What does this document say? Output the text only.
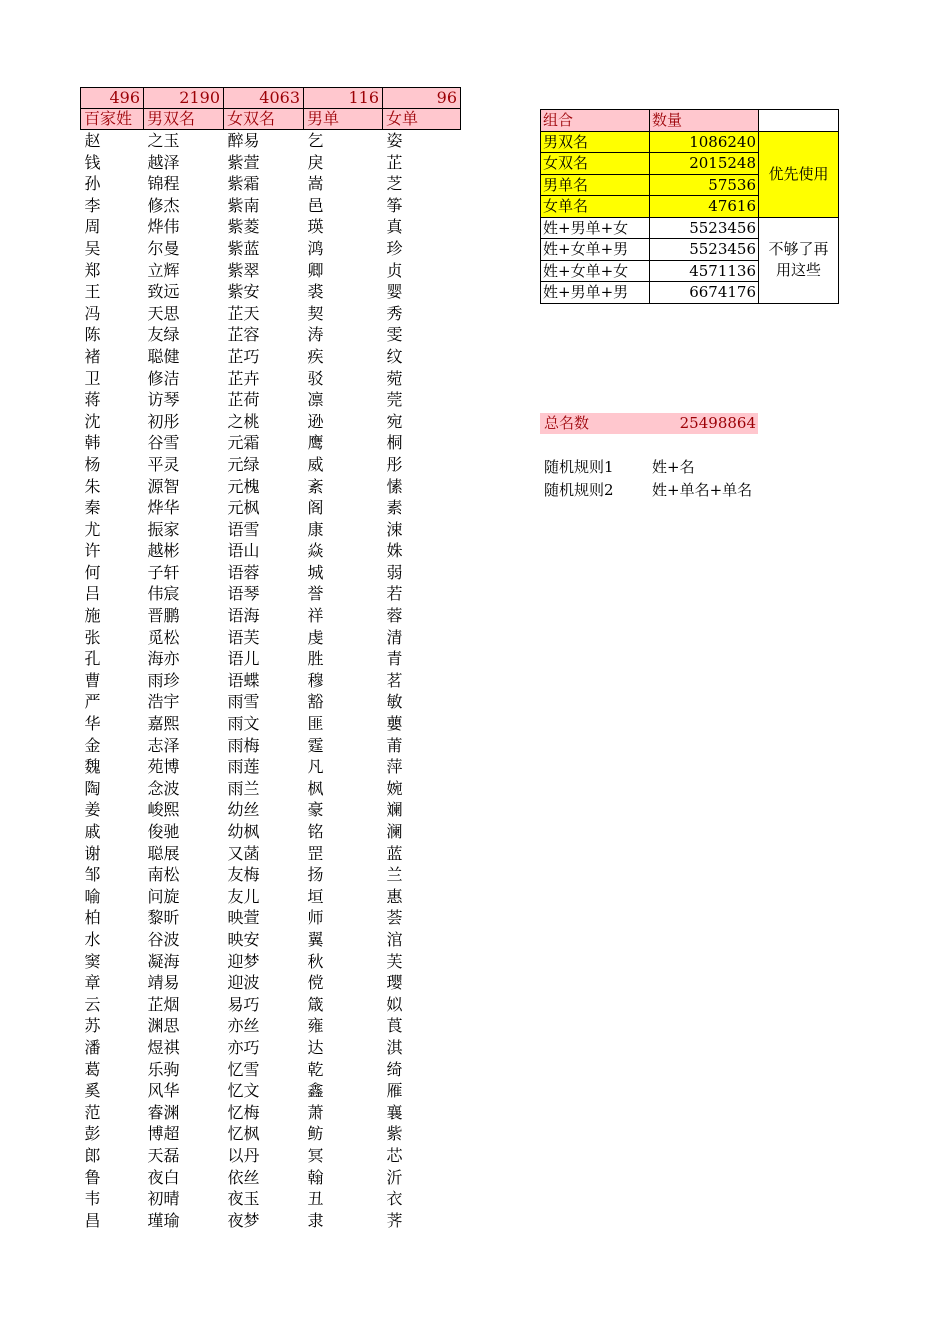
496	2190	4063	116	96
百家姓	男双名	女双名	男单	女单
赵	之玉	醉易	乞	姿
钱	越泽	紫萱	戾	芷
孙	锦程	紫霜	嵩	芝
李	修杰	紫南	邑	筝
周	烨伟	紫菱	瑛	真
吴	尔曼	紫蓝	鸿	珍
郑	立辉	紫翠	卿	贞
王	致远	紫安	裘	婴
冯	天思	芷天	契	秀
陈	友绿	芷容	涛	雯
褚	聪健	芷巧	疾	纹
卫	修洁	芷卉	驳	菀
蒋	访琴	芷荷	凛	莞
沈	初彤	之桃	逊	宛
韩	谷雪	元霜	鹰	桐
杨	平灵	元绿	威	彤
朱	源智	元槐	紊	愫
秦	烨华	元枫	阁	素
尤	振家	语雪	康	涑
许	越彬	语山	焱	姝
何	子轩	语蓉	城	弱
吕	伟宸	语琴	誉	若
施	晋鹏	语海	祥	蓉
张	觅松	语芙	虔	清
孔	海亦	语儿	胜	青
曹	雨珍	语蝶	穆	茗
严	浩宇	雨雪	豁	敏
华	嘉熙	雨文	匪	蘡
金	志泽	雨梅	霆	莆
魏	苑博	雨莲	凡	萍
陶	念波	雨兰	枫	婉
姜	峻熙	幼丝	豪	斓
戚	俊驰	幼枫	铭	澜
谢	聪展	又菡	罡	蓝
邹	南松	友梅	扬	兰
喻	问旋	友儿	垣	惠
柏	黎昕	映萱	师	荟
水	谷波	映安	翼	涫
窦	凝海	迎梦	秋	芙
章	靖易	迎波	傥	璎
云	芷烟	易巧	箴	姒
苏	渊思	亦丝	雍	莨
潘	煜祺	亦巧	达	淇
葛	乐驹	忆雪	乾	绮
奚	风华	忆文	鑫	雁
范	睿渊	忆梅	萧	襄
彭	博超	忆枫	鲂	紫
郎	天磊	以丹	冥	芯
鲁	夜白	依丝	翰	沂
韦	初晴	夜玉	丑	衣
昌	瑾瑜	夜梦	隶	荠
组合	数量	
男双名	1086240	优先使用
女双名	2015248	
男单名	57536	
女单名	47616	
姓+男单+女	5523456	不够了再用这些
姓+女单+男	5523456	
姓+女单+女	4571136	
姓+男单+男	6674176	
总名数	25498864
随机规则1	姓+名
随机规则2	姓+单名+单名
